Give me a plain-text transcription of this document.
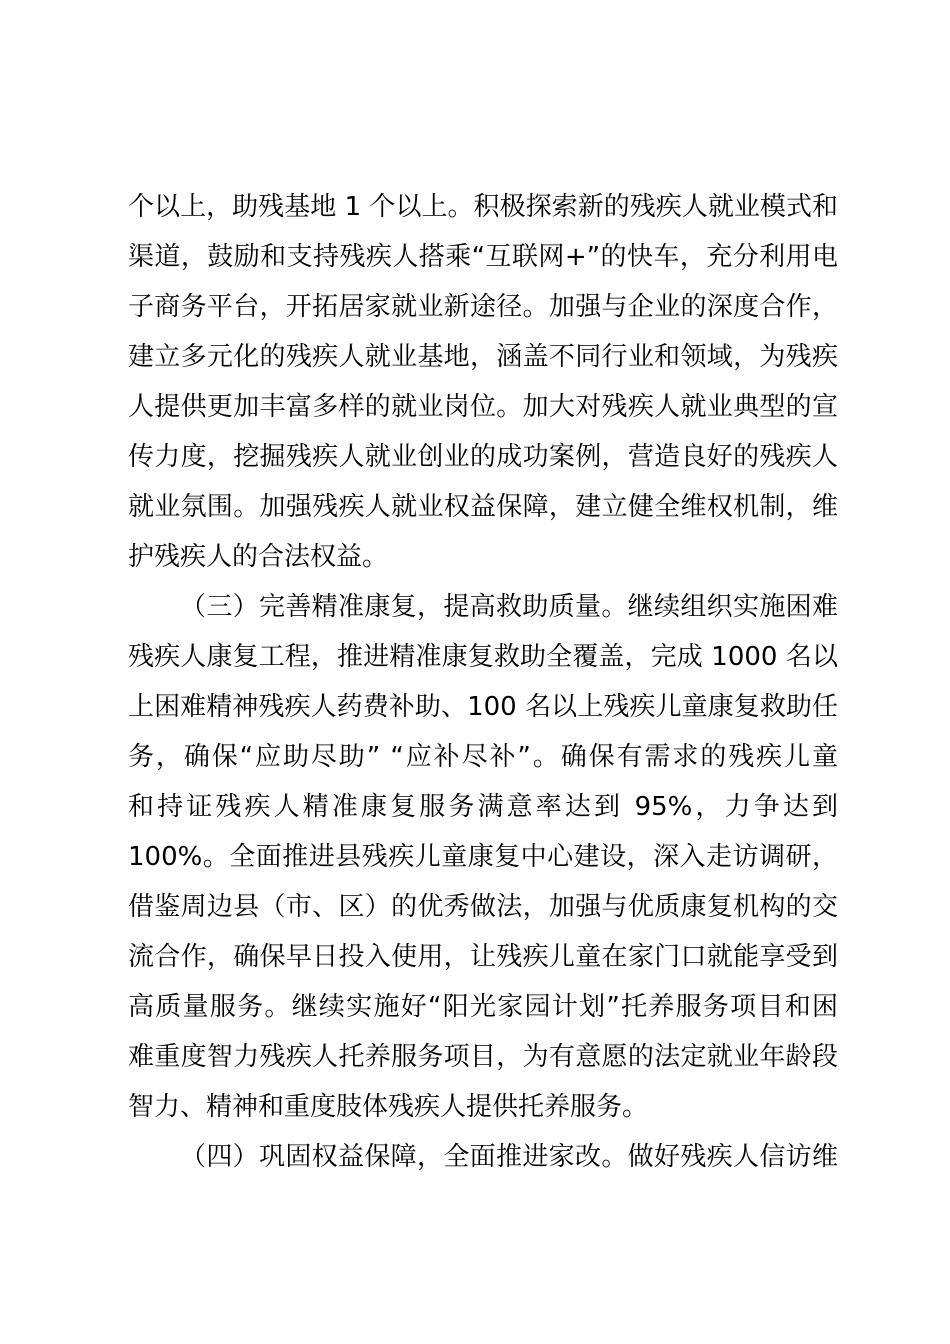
个以上，助残基地 1 个以上。积极探索新的残疾人就业模式和
渠道，鼓励和支持残疾人搭乘“互联网+”的快车，充分利用电
子商务平台，开拓居家就业新途径。加强与企业的深度合作，
建立多元化的残疾人就业基地，涵盖不同行业和领域，为残疾
人提供更加丰富多样的就业岗位。加大对残疾人就业典型的宣
传力度，挖掘残疾人就业创业的成功案例，营造良好的残疾人
就业氛围。加强残疾人就业权益保障，建立健全维权机制，维
护残疾人的合法权益。
（三）完善精准康复，提高救助质量。继续组织实施困难
残疾人康复工程，推进精准康复救助全覆盖，完成 1000 名以
上困难精神残疾人药费补助、100 名以上残疾儿童康复救助任
务，确保“应助尽助” “应补尽补”。确保有需求的残疾儿童
和持证残疾人精准康复服务满意率达到 95%，力争达到
100%。全面推进县残疾儿童康复中心建设，深入走访调研，
借鉴周边县（市、区）的优秀做法，加强与优质康复机构的交
流合作，确保早日投入使用，让残疾儿童在家门口就能享受到
高质量服务。继续实施好“阳光家园计划”托养服务项目和困
难重度智力残疾人托养服务项目，为有意愿的法定就业年龄段
智力、精神和重度肢体残疾人提供托养服务。
（四）巩固权益保障，全面推进家改。做好残疾人信访维
